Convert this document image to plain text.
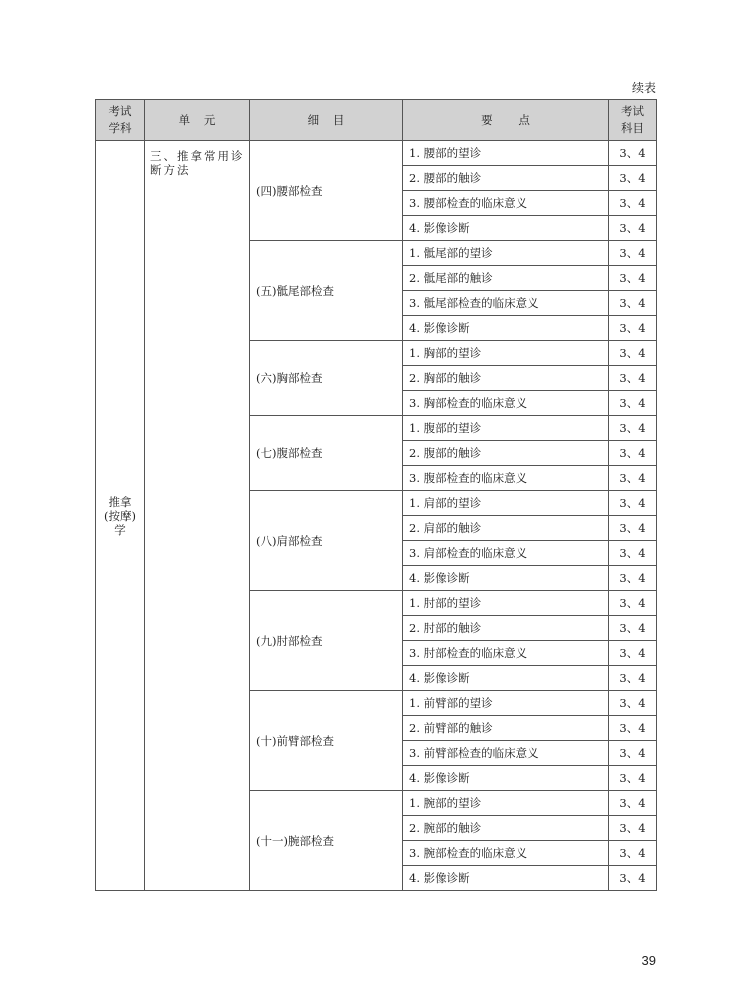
续表
考试学科	单 元	细 目	要 点	考试科目
推拿(按摩)学	三、推拿常用诊断方法	(四)腰部检查	1. 腰部的望诊	3、4
			2. 腰部的触诊	3、4
			3. 腰部检查的临床意义	3、4
			4. 影像诊断	3、4
		(五)骶尾部检查	1. 骶尾部的望诊	3、4
			2. 骶尾部的触诊	3、4
			3. 骶尾部检查的临床意义	3、4
			4. 影像诊断	3、4
		(六)胸部检查	1. 胸部的望诊	3、4
			2. 胸部的触诊	3、4
			3. 胸部检查的临床意义	3、4
		(七)腹部检查	1. 腹部的望诊	3、4
			2. 腹部的触诊	3、4
			3. 腹部检查的临床意义	3、4
		(八)肩部检查	1. 肩部的望诊	3、4
			2. 肩部的触诊	3、4
			3. 肩部检查的临床意义	3、4
			4. 影像诊断	3、4
		(九)肘部检查	1. 肘部的望诊	3、4
			2. 肘部的触诊	3、4
			3. 肘部检查的临床意义	3、4
			4. 影像诊断	3、4
		(十)前臂部检查	1. 前臂部的望诊	3、4
			2. 前臂部的触诊	3、4
			3. 前臂部检查的临床意义	3、4
			4. 影像诊断	3、4
		(十一)腕部检查	1. 腕部的望诊	3、4
			2. 腕部的触诊	3、4
			3. 腕部检查的临床意义	3、4
			4. 影像诊断	3、4
39
